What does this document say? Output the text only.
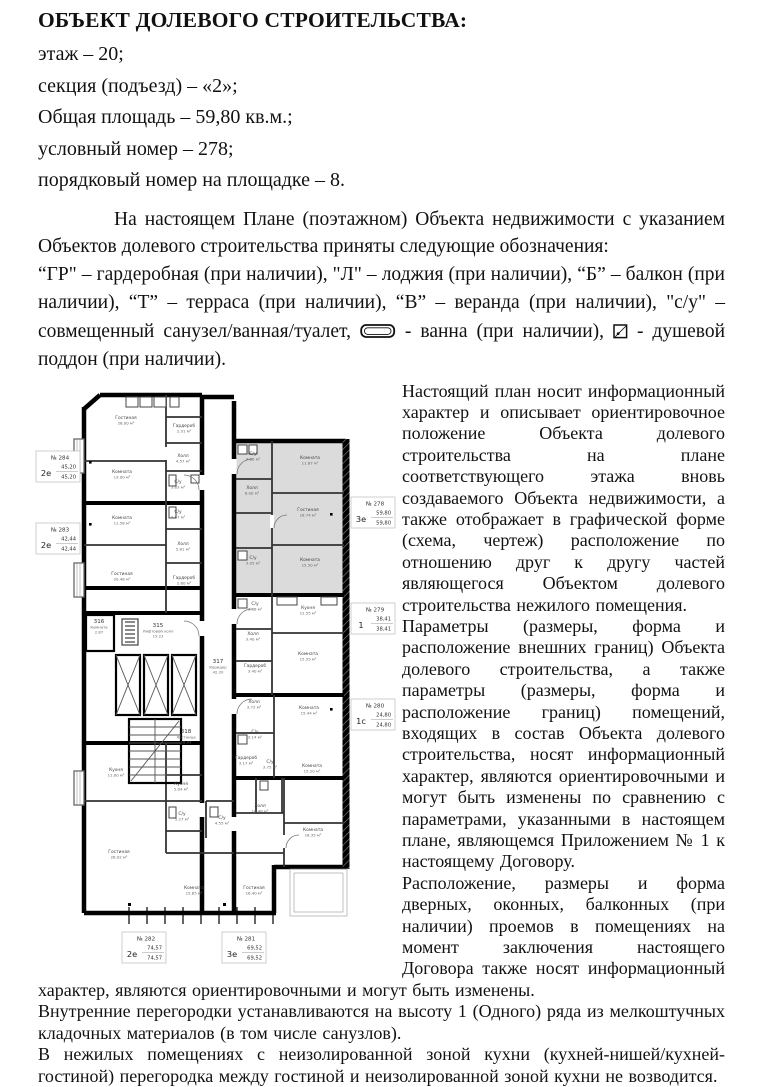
ОБЪЕКТ ДОЛЕВОГО СТРОИТЕЛЬСТВА:
этаж – 20;
секция (подъезд) – «2»;
Общая площадь – 59,80 кв.м.;
условный номер – 278;
порядковый номер на площадке – 8.

На настоящем Плане (поэтажном) Объекта недвижимости с указанием Объектов долевого строительства приняты следующие обозначения:

“ГР" – гардеробная (при наличии), "Л" – лоджия (при наличии), “Б” – балкон (при наличии), “Т” – терраса (при наличии), “В” – веранда (при наличии), "с/у" – совмещенный санузел/ванная/туалет,	- ванна (при наличии), - душевой поддон (при наличии).

Гостиная
28.00 м²
Гардероб
2.31 м²
Комната
13.00 м²
Холл
4.57 м²
С/у
3.83 м²
Комната
11.58 м²
С/у
3.67 м²
Холл
5.81 м²
Гостиная
20.48 м²	Гардероб
2.80 м²
С/у
3.86 м²	Комната
11.87 м²
Холл
6.00 м²
Гостиная
18.74 м²
С/у
3.05 м²
Комната
15.30 м²
С/у
3.66 м²	Кухня
12.55 м²
Холл
3.40 м²
Гардероб
3.40 м²
Комната
15.55 м²
Холл
3.72 м²
С/у
3.14 м²
Комната
15.44 м²
Гардероб
3.17 м²	С/у
3.75 м²	Комната
15.20 м²
Холл
10.48 м²
Комната
18.35 м²
Кухня
11.00 м²
Кухня
5.04 м²
С/у
5.27 м²	С/у
4.55 м²
Гостиная
28.02 м²
Комната
15.65 м²
Гостиная
16.40 м²
316
Комната
2.87
315
Лифтовой холл
15.23
317
Коридор
42.20
318
Лестница
16.03
№ 284
2е
45,20
45,20
№ 283
2е
42,44
42,44
№ 278
3е
59,80
59,80
№ 279
1
38,41
38,41
№ 280
1с
24,80
24,80
№ 282
2е
74,57
74,57
№ 281
3е
69,52
69,52

Настоящий план носит информационный характер и описывает ориентировочное положение Объекта долевого строительства на плане соответствующего этажа вновь создаваемого Объекта недвижимости, а также отображает в графической форме (схема, чертеж) расположение по отношению друг к другу частей являющегося Объектом долевого строительства нежилого помещения.

Параметры (размеры, форма и расположение внешних границ) Объекта долевого строительства, а также параметры (размеры, форма и расположение границ) помещений, входящих в состав Объекта долевого строительства, носят информационный характер, являются ориентировочными и могут быть изменены по сравнению с параметрами, указанными в настоящем плане, являющемся Приложением № 1 к настоящему Договору.

Расположение, размеры и форма дверных, оконных, балконных (при наличии) проемов в помещениях на момент заключения настоящего Договора также носят информационный характер, являются ориентировочными и могут быть изменены.

Внутренние перегородки устанавливаются на высоту 1 (Одного) ряда из мелкоштучных кладочных материалов (в том числе санузлов).

В нежилых помещениях с неизолированной зоной кухни (кухней-нишей/кухней-гостиной) перегородка между гостиной и неизолированной зоной кухни не возводится.
